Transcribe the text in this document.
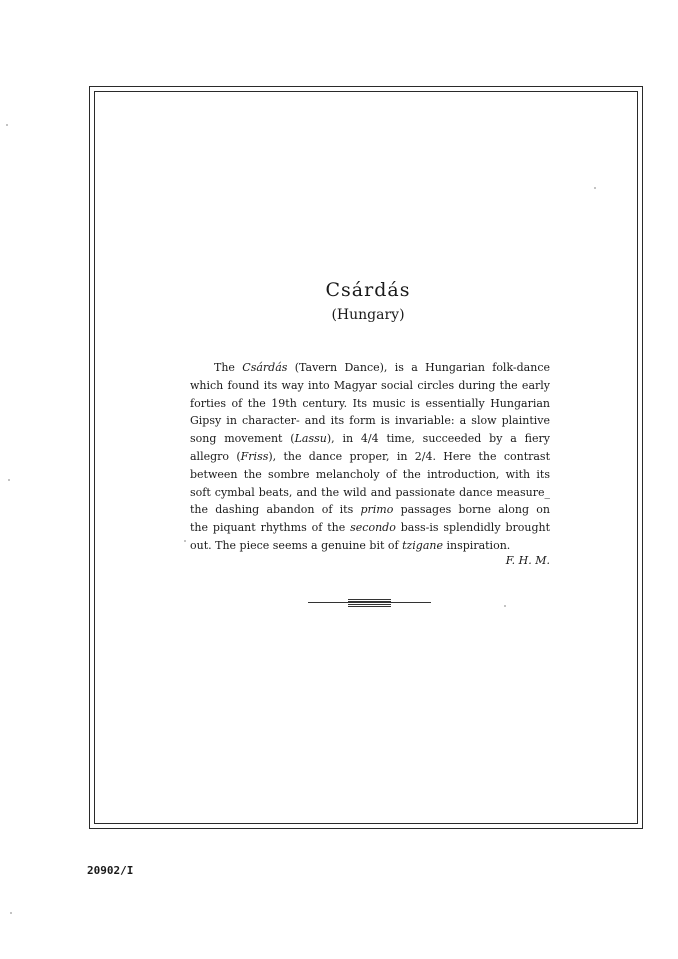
Csárdás

(Hungary)

The Csárdás (Tavern Dance), is a Hungarian folk-dance
which found its way into Magyar social circles during the early
forties of the 19th century. Its music is essentially Hungarian
Gipsy in character- and its form is invariable: a slow plaintive
song movement (Lassu), in 4/4 time, succeeded by a fiery
allegro (Friss), the dance proper, in 2/4. Here the contrast
between the sombre melancholy of the introduction, with its
soft cymbal beats, and the wild and passionate dance measure_
the dashing abandon of its primo passages borne along on
the piquant rhythms of the secondo bass-is splendidly brought
out. The piece seems a genuine bit of tzigane inspiration.

F. H. M.

20902/I
